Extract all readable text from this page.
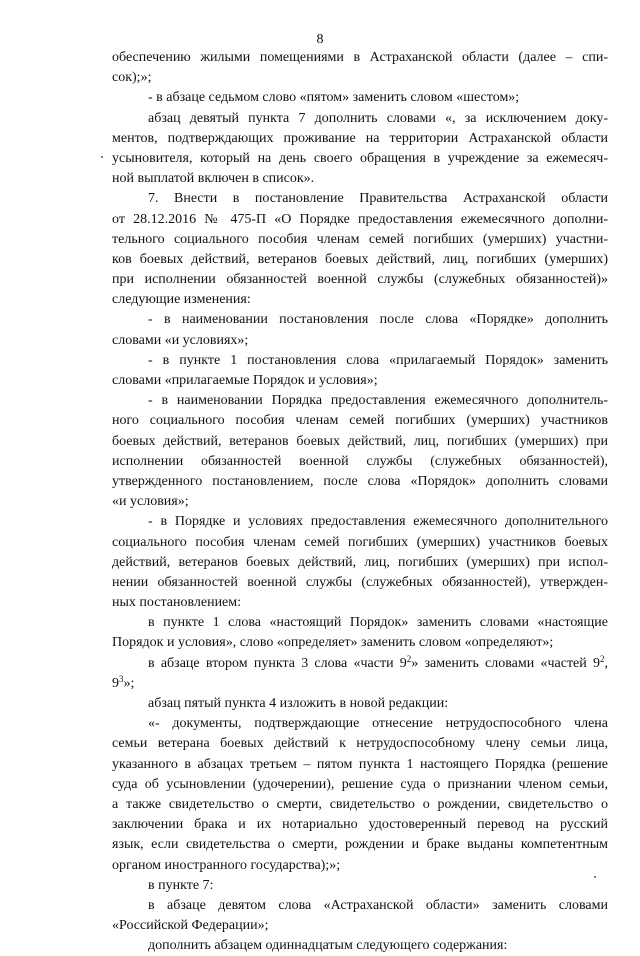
8
обеспечению жилыми помещениями в Астраханской области (далее – спи-
сок);»;
- в абзаце седьмом слово «пятом» заменить словом «шестом»;
абзац девятый пункта 7 дополнить словами «, за исключением доку-
ментов, подтверждающих проживание на территории Астраханской области
усыновителя, который на день своего обращения в учреждение за ежемесяч-
ной выплатой включен в список».
7. Внести в постановление Правительства Астраханской области
от 28.12.2016 № 475-П «О Порядке предоставления ежемесячного дополни-
тельного социального пособия членам семей погибших (умерших) участни-
ков боевых действий, ветеранов боевых действий, лиц, погибших (умерших)
при исполнении обязанностей военной службы (служебных обязанностей)»
следующие изменения:
- в наименовании постановления после слова «Порядке» дополнить
словами «и условиях»;
- в пункте 1 постановления слова «прилагаемый Порядок» заменить
словами «прилагаемые Порядок и условия»;
- в наименовании Порядка предоставления ежемесячного дополнитель-
ного социального пособия членам семей погибших (умерших) участников
боевых действий, ветеранов боевых действий, лиц, погибших (умерших) при
исполнении обязанностей военной службы (служебных обязанностей),
утвержденного постановлением, после слова «Порядок» дополнить словами
«и условия»;
- в Порядке и условиях предоставления ежемесячного дополнительного
социального пособия членам семей погибших (умерших) участников боевых
действий, ветеранов боевых действий, лиц, погибших (умерших) при испол-
нении обязанностей военной службы (служебных обязанностей), утвержден-
ных постановлением:
в пункте 1 слова «настоящий Порядок» заменить словами «настоящие
Порядок и условия», слово «определяет» заменить словом «определяют»;
в абзаце втором пункта 3 слова «части $9^2$» заменить словами «частей $9^2$,
$9^3$»;
абзац пятый пункта 4 изложить в новой редакции:
«- документы, подтверждающие отнесение нетрудоспособного члена
семьи ветерана боевых действий к нетрудоспособному члену семьи лица,
указанного в абзацах третьем – пятом пункта 1 настоящего Порядка (решение
суда об усыновлении (удочерении), решение суда о признании членом семьи,
а также свидетельство о смерти, свидетельство о рождении, свидетельство о
заключении брака и их нотариально удостоверенный перевод на русский
язык, если свидетельства о смерти, рождении и браке выданы компетентным
органом иностранного государства);»;
в пункте 7:
в абзаце девятом слова «Астраханской области» заменить словами
«Российской Федерации»;
дополнить абзацем одиннадцатым следующего содержания:
